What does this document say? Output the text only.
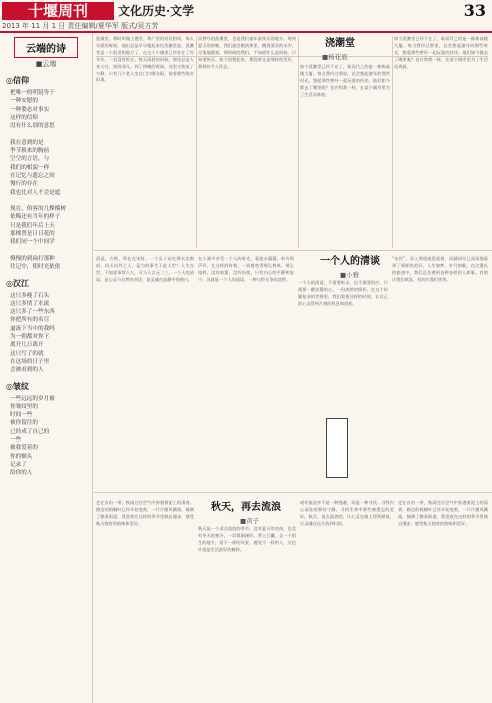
十堰周刊	文化历史·文学	33
2013 年 11 月 1 日 责任编辑/夏华军 版式/吴方芳
云端的诗
■云端
◎信仰
把唯一的明镜等于
一种安慰的
一种姿态对事实
这样的信仰
没有什么别的意思

我在意到的是
季节换来的胸前
空空的言语。与
我们的相貌一样
在记忆与遗忘之间
慢行的存在
我也比对人不会是遮

现在，俗客的几棵榴树
依稀还有当年的样子
只是我们年后上天
那棵曾是日日花的
我们同一个中间学

慢慢的到扁打那种
往记中，使时光依依
◎汉江
这只多瘦了石头
这只多情了水流
这只多了一些东西
你把所有的名尽
逼流下当中的我吗
为一朝都对你下
离开几日离开
这只写了的就
在这场的日子里
会被看到的人
◎皱纹
一些远远的岁月被
你皱纹里的
时间一些
被你留住的
已经成了自己的
一些
被我爱着的
你的额头
记录了
给你的人
洗漱堂，那时叫做土漫堂。和广里的居民相同，每天早晨的时候，他们总是早早地起来往洗漱堂赶。洗漱堂是一个很老的地方了，在这个小城里已经存在了好多年，一直没有拆迁。每天清晨的时候，那里总是人来人往，热闹非凡。到了傍晚的时候，这里又恢复了宁静，只有几个老人坐在门口晒太阳，说着那些陈年旧事。
而曾经的洗漱堂，也是我们童年最快乐的地方。每到夏天的傍晚，我们就会跑到那里，跳进清凉的水中，尽情地嬉戏。那时候的我们，不知道什么是烦恼，只知道快乐。如今回想起来，那段时光是那样的美好，那样的令人怀念。
浇潮堂
■杨花底
如今洗漱堂已经不在了，取而代之的是一栋栋高楼大厦。每当我经过那里，总会想起童年的那些时光，想起那些曾经一起玩耍的伙伴。他们如今都去了哪里呢？也许和我一样，在某个城市里为了生活而奔波。
如今洗漱堂已经不在了，取而代之的是一栋栋高楼大厦。每当我经过那里，总会想起童年的那些时光，想起那些曾经一起玩耍的伙伴。他们如今都去了哪里呢？也许和我一样，在某个城市里为了生活而奔波。
一个人的清谈
■小雅
清谈，古称，所在在宋时。一个女子站在那水边窗前，问天问外之人，是为何事生于此人世？人生在世，不如意事常八九，可与人言无二三。一个人的清谈，是心灵与自然的对话，是灵魂在寂静中的独白。
在小溪中享受一个人的时光，看流水潺潺，听鸟鸣声声。在这样的时刻，一切都变得那么简单，那么纯粹。没有喧嚣，没有纷扰，只有内心的平静和安宁。这就是一个人的清谈，一种与世无争的淡然。
一个人的清谈，不需要听众，也不需要回应。只需要一颗安静的心，一份淡然的情怀。在这个纷繁复杂的世界里，我们需要这样的时刻，让自己的心灵得到片刻的休息和放松。
“布饮”，穿入那道视觉重着，而她却早已深深地看到了那样的美好。人生如梦，岁月如歌，在这漫长的旅途中，我们总会遇到各种各样的人和事。有的让我们欢喜，有的让我们忧伤。
走在自由一带，秋雨过后空气中弥漫着泥土的清香。路边的梧桐叶已经开始变黄，一片片随风飘落，铺满了整条街道。我喜欢在这样的季节里独自漫步，感受秋天独有的韵味和美好。
秋天，再去流浪
■黄子
秋天是一个适合流浪的季节。没有夏天的炎热，也没有冬天的寒冷，一切都刚刚好。背上行囊，去一个陌生的地方，看不一样的风景，遇见不一样的人，这也许就是生活最好的模样。
或许流浪并不是一种逃避，而是一种寻找。寻找内心深处的那份宁静，寻找生命中那些被遗忘的美好。秋天，再去流浪吧，让心灵在路上得到释放，让灵魂在远方找到归宿。
走在自由一带，秋雨过后空气中弥漫着泥土的清香。路边的梧桐叶已经开始变黄，一片片随风飘落，铺满了整条街道。我喜欢在这样的季节里独自漫步，感受秋天独有的韵味和美好。
